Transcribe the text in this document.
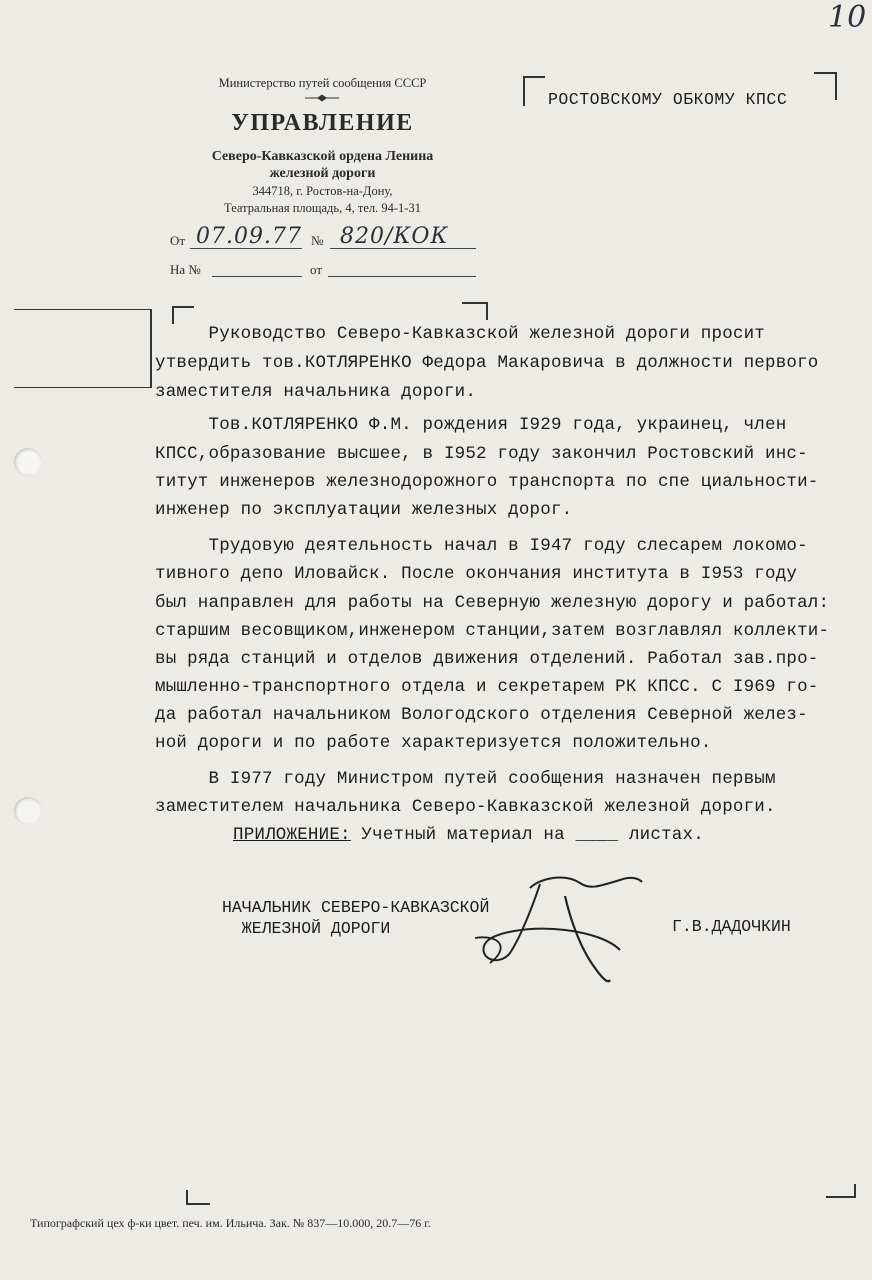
10
Министерство путей сообщения СССР
УПРАВЛЕНИЕ
Северо-Кавказской ордена Ленина
железной дороги
344718, г. Ростов-на-Дону,
Театральная площадь, 4, тел. 94-1-31
От 07.09.77 № 820/КОК
На №	от
РОСТОВСКОМУ ОБКОМУ КПСС
Руководство Северо-Кавказской железной дороги просит
утвердить тов.КОТЛЯРЕНКО Федора Макаровича в должности первого
заместителя начальника дороги.
Тов.КОТЛЯРЕНКО Ф.М. рождения I929 года, украинец, член
КПСС,образование высшее, в I952 году закончил Ростовский инс-
титут инженеров железнодорожного транспорта по спе циальности-
инженер по эксплуатации железных дорог.
Трудовую деятельность начал в I947 году слесарем локомо-
тивного депо Иловайск. После окончания института в I953 году
был направлен для работы на Северную железную дорогу и работал:
старшим весовщиком,инженером станции,затем возглавлял коллекти-
вы ряда станций и отделов движения отделений. Работал зав.про-
мышленно-транспортного отдела и секретарем РК КПСС. С I969 го-
да работал начальником Вологодского отделения Северной желез-
ной дороги и по работе характеризуется положительно.
В I977 году Министром путей сообщения назначен первым
заместителем начальника Северо-Кавказской железной дороги.
ПРИЛОЖЕНИЕ: Учетный материал на ____ листах.
НАЧАЛЬНИК СЕВЕРО-КАВКАЗСКОЙ
ЖЕЛЕЗНОЙ ДОРОГИ	Г.В.ДАДОЧКИН
Типографский цех ф-ки цвет. печ. им. Ильича. Зак. № 837—10.000, 20.7—76 г.
